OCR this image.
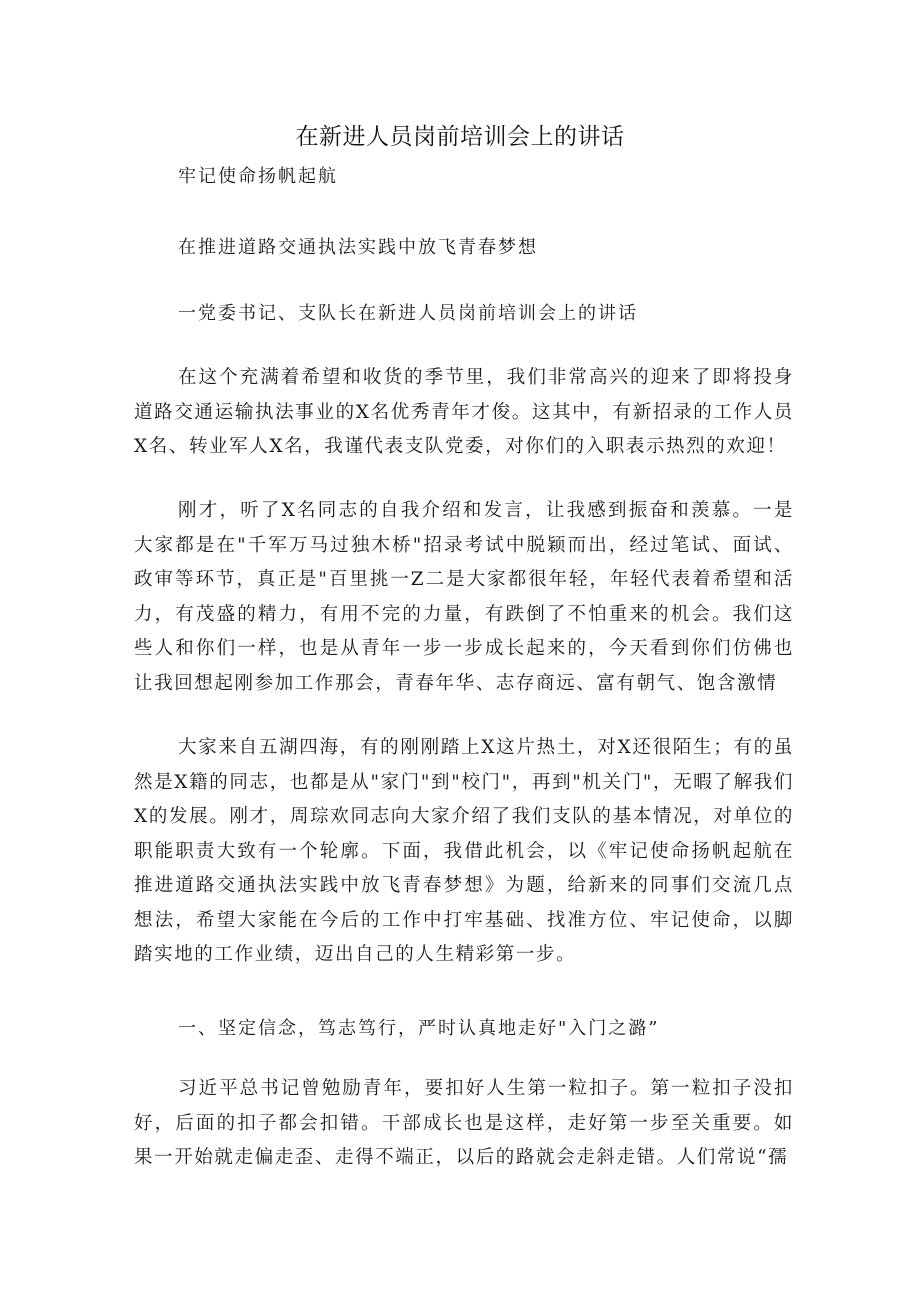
在新进人员岗前培训会上的讲话

牢记使命扬帆起航

在推进道路交通执法实践中放飞青春梦想

一党委书记、支队长在新进人员岗前培训会上的讲话

在这个充满着希望和收货的季节里，我们非常高兴的迎来了即将投身道路交通运输执法事业的X名优秀青年才俊。这其中，有新招录的工作人员X名、转业军人X名，我谨代表支队党委，对你们的入职表示热烈的欢迎！

刚才，听了X名同志的自我介绍和发言，让我感到振奋和羡慕。一是大家都是在"千军万马过独木桥"招录考试中脱颖而出，经过笔试、面试、政审等环节，真正是"百里挑一Z二是大家都很年轻，年轻代表着希望和活力，有茂盛的精力，有用不完的力量，有跌倒了不怕重来的机会。我们这些人和你们一样，也是从青年一步一步成长起来的，今天看到你们仿佛也让我回想起刚参加工作那会，青春年华、志存商远、富有朝气、饱含激情

大家来自五湖四海，有的刚刚踏上X这片热土，对X还很陌生；有的虽然是X籍的同志，也都是从"家门"到"校门"，再到"机关门"，无暇了解我们X的发展。刚才，周琮欢同志向大家介绍了我们支队的基本情况，对单位的职能职责大致有一个轮廓。下面，我借此机会，以《牢记使命扬帆起航在推进道路交通执法实践中放飞青春梦想》为题，给新来的同事们交流几点想法，希望大家能在今后的工作中打牢基础、找准方位、牢记使命，以脚踏实地的工作业绩，迈出自己的人生精彩第一步。

一、坚定信念，笃志笃行，严时认真地走好"入门之潞”

习近平总书记曾勉励青年，要扣好人生第一粒扣子。第一粒扣子没扣好，后面的扣子都会扣错。干部成长也是这样，走好第一步至关重要。如果一开始就走偏走歪、走得不端正，以后的路就会走斜走错。人们常说“孺
